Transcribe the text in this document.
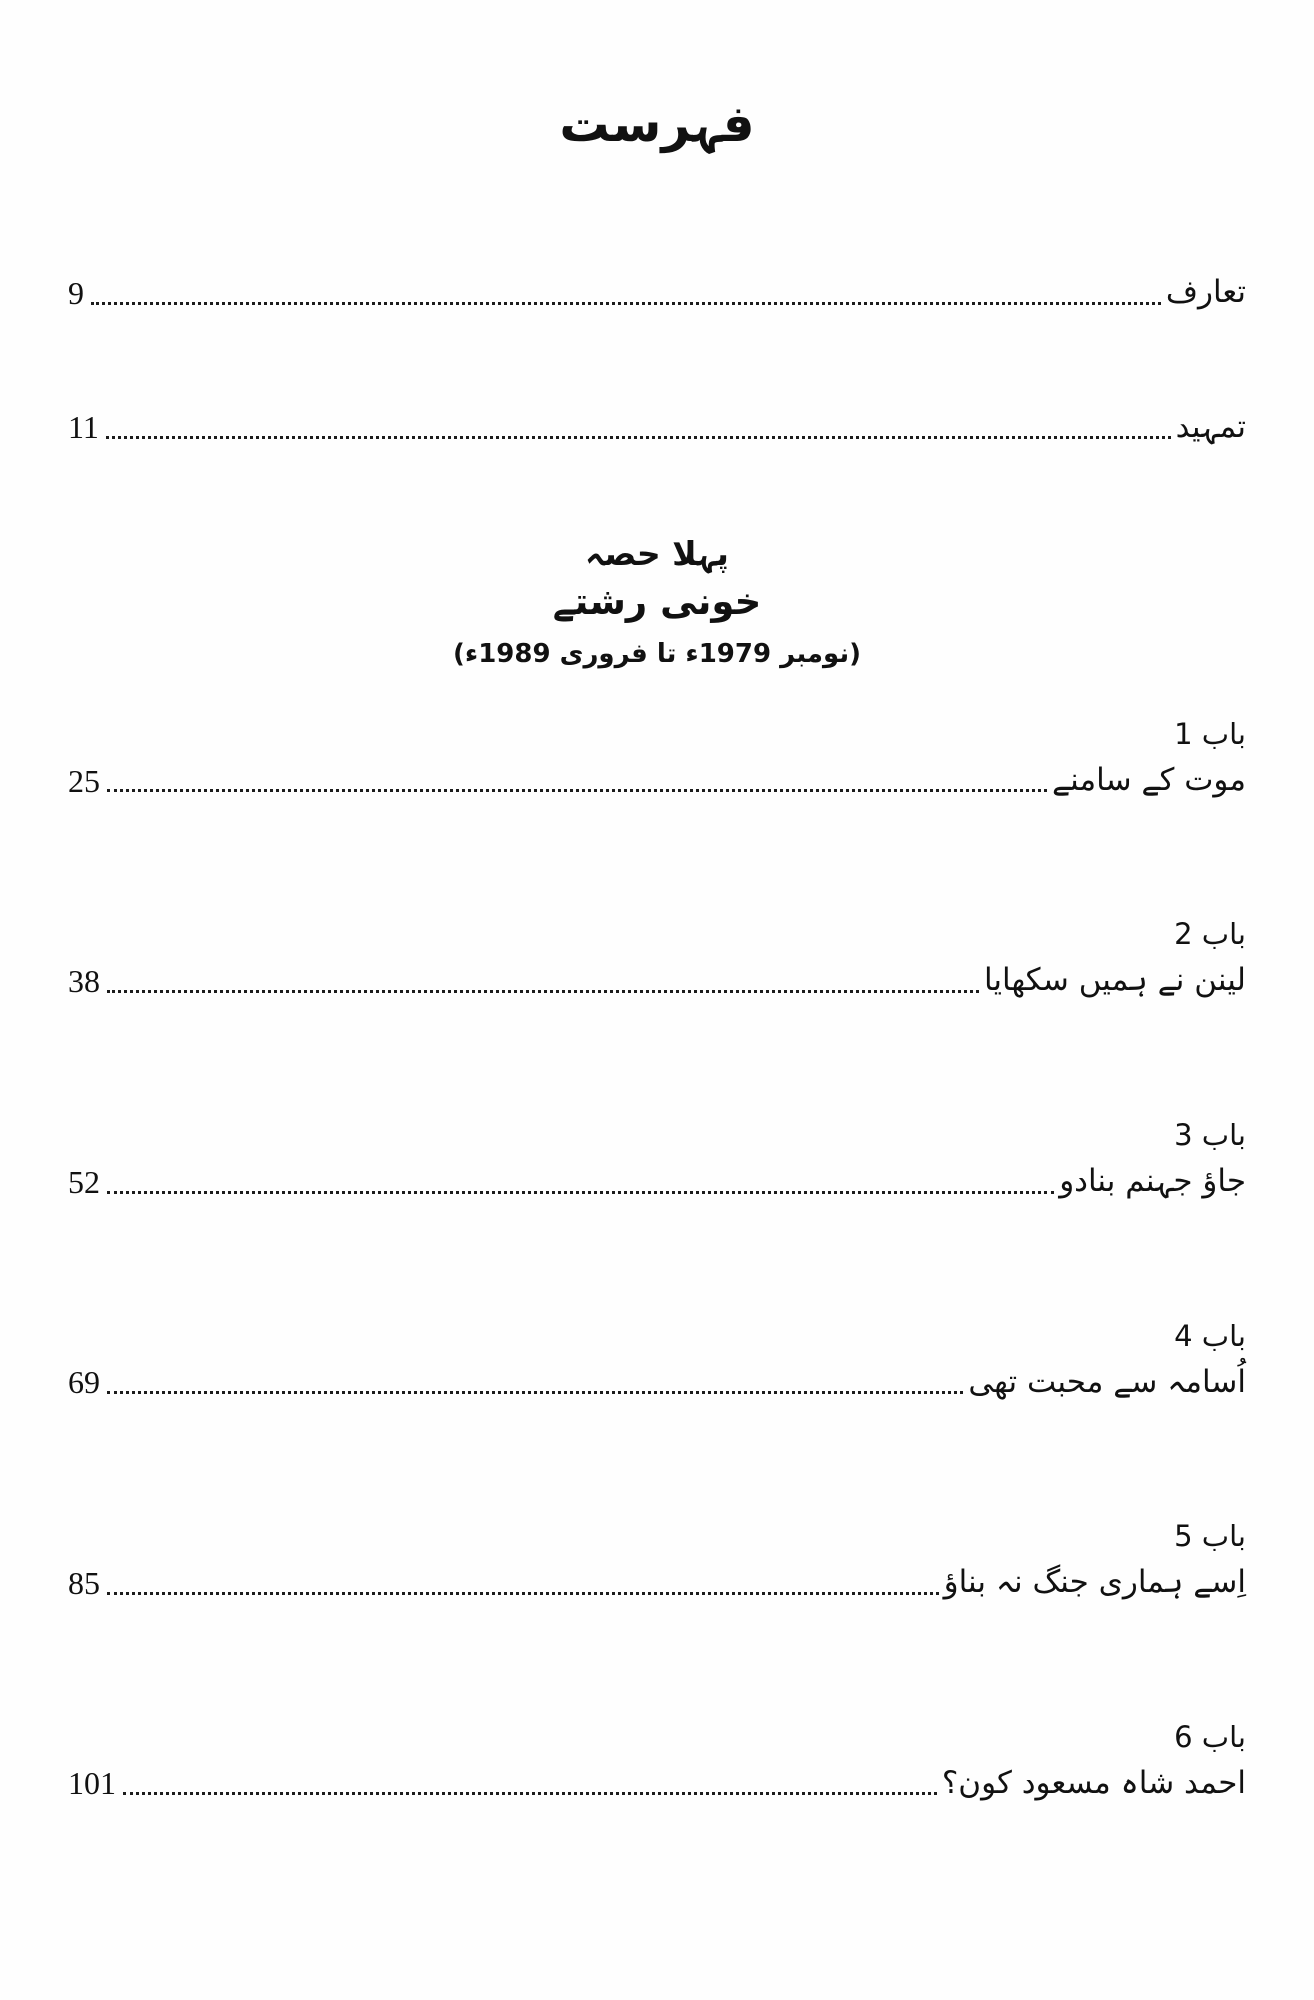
فہرست
تعارف
9
تمہید
11
پہلا حصہ
خونی رشتے
(نومبر 1979ء تا فروری 1989ء)
باب 1
موت کے سامنے
25
باب 2
لینن نے ہمیں سکھایا
38
باب 3
جاؤ جہنم بنادو
52
باب 4
اُسامہ سے محبت تھی
69
باب 5
اِسے ہماری جنگ نہ بناؤ
85
باب 6
احمد شاہ مسعود کون؟
101
